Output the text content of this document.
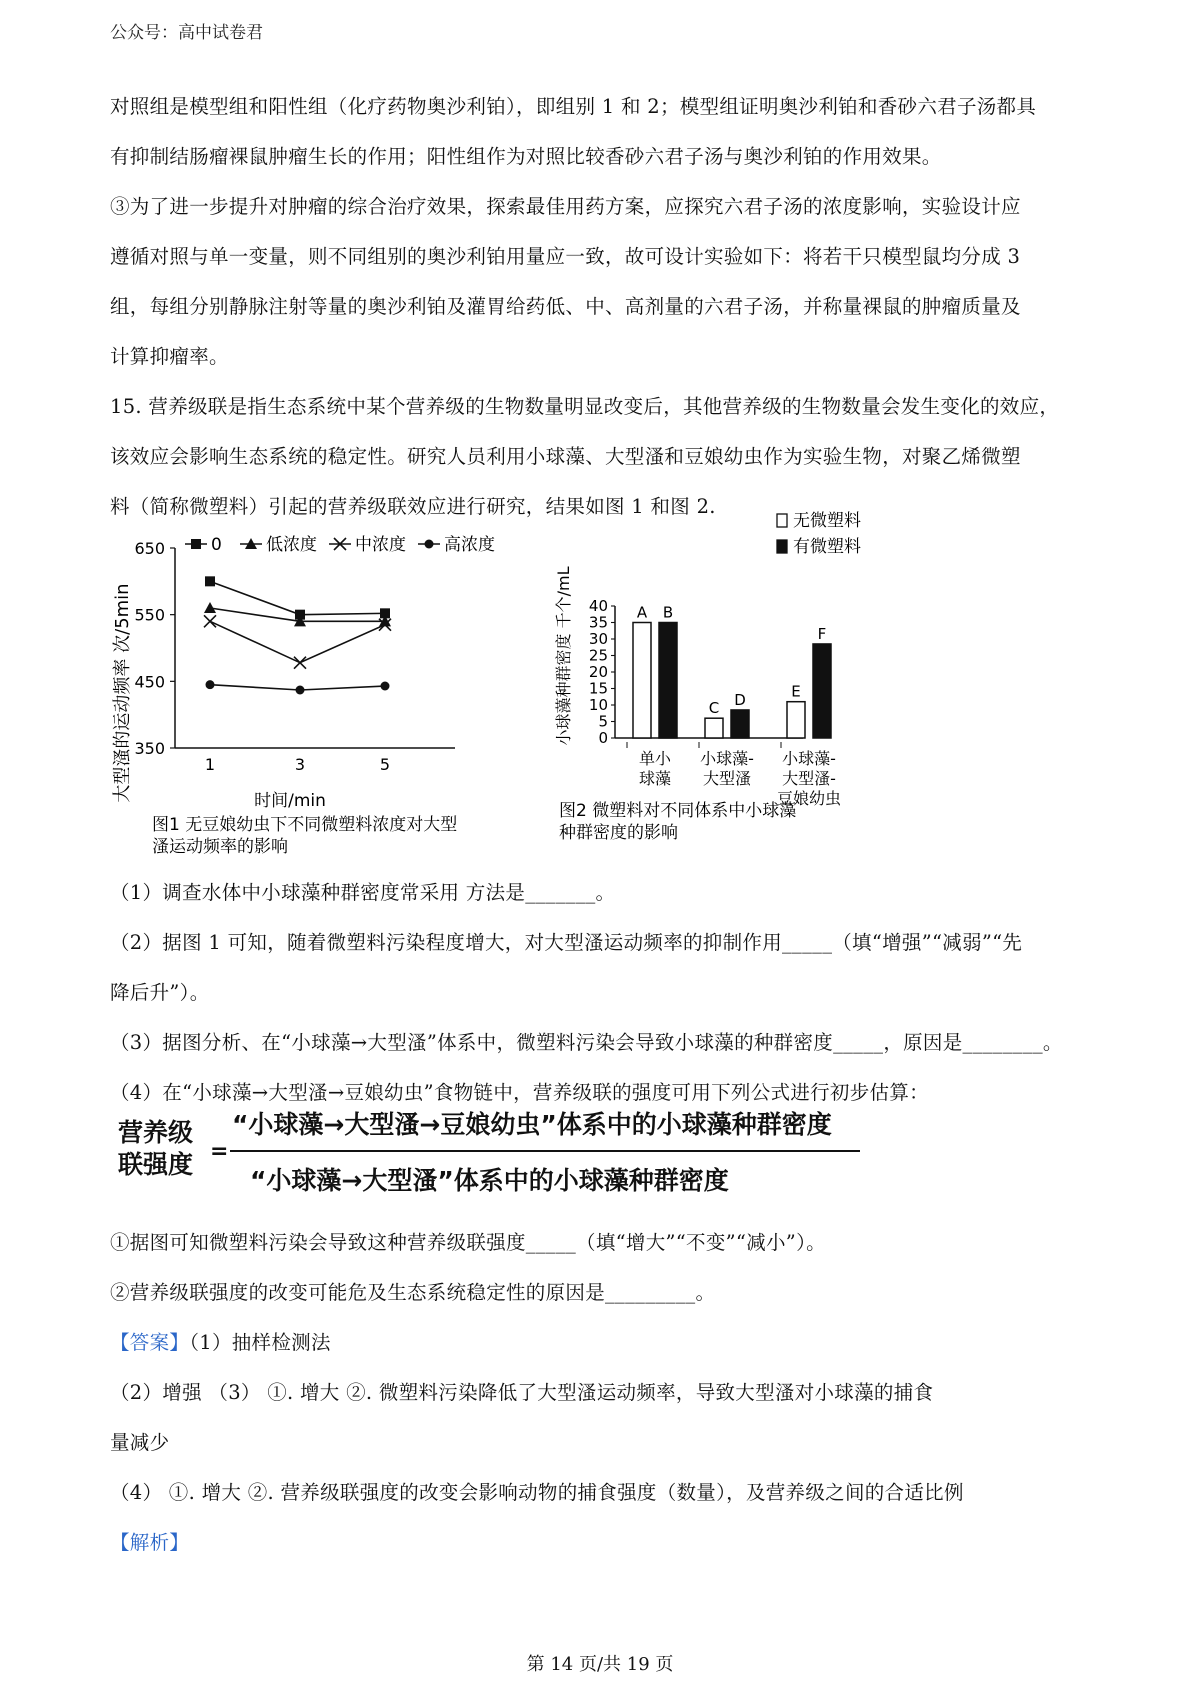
公众号：高中试卷君

对照组是模型组和阳性组（化疗药物奥沙利铂），即组别 1 和 2；模型组证明奥沙利铂和香砂六君子汤都具

有抑制结肠瘤裸鼠肿瘤生长的作用；阳性组作为对照比较香砂六君子汤与奥沙利铂的作用效果。

③为了进一步提升对肿瘤的综合治疗效果，探索最佳用药方案，应探究六君子汤的浓度影响，实验设计应

遵循对照与单一变量，则不同组别的奥沙利铂用量应一致，故可设计实验如下：将若干只模型鼠均分成 3

组，每组分别静脉注射等量的奥沙利铂及灌胃给药低、中、高剂量的六君子汤，并称量裸鼠的肿瘤质量及

计算抑瘤率。

15. 营养级联是指生态系统中某个营养级的生物数量明显改变后，其他营养级的生物数量会发生变化的效应，

该效应会影响生态系统的稳定性。研究人员利用小球藻、大型溞和豆娘幼虫作为实验生物，对聚乙烯微塑

料（简称微塑料）引起的营养级联效应进行研究，结果如图 1 和图 2.

大型溞的运动频率 次/5min
650
550
450
350
1	3	5
0	低浓度 中浓度 高浓度
时间/min
图1 无豆娘幼虫下不同微塑料浓度对大型
溞运动频率的影响
小球藻种群密度 千个/mL 40
35
30
25
20
15
10
5
0
单小
球藻
小球藻-
大型溞
小球藻-
大型溞-
豆娘幼虫
A B
C D	E
F
无微塑料
有微塑料
图2 微塑料对不同体系中小球藻
种群密度的影响

（1）调查水体中小球藻种群密度常采用 方法是_______。

（2）据图 1 可知，随着微塑料污染程度增大，对大型溞运动频率的抑制作用_____（填“增强”“减弱”“先

降后升”）。

（3）据图分析、在“小球藻→大型溞”体系中，微塑料污染会导致小球藻的种群密度_____，原因是________。

（4）在“小球藻→大型溞→豆娘幼虫”食物链中，营养级联的强度可用下列公式进行初步估算：

营养级
联强度 =
“小球藻→大型溞→豆娘幼虫”体系中的小球藻种群密度
“小球藻→大型溞”体系中的小球藻种群密度

①据图可知微塑料污染会导致这种营养级联强度_____（填“增大”“不变”“减小”）。

②营养级联强度的改变可能危及生态系统稳定性的原因是_________。

【答案】（1）抽样检测法

（2）增强 （3） ①. 增大 ②. 微塑料污染降低了大型溞运动频率，导致大型溞对小球藻的捕食

量减少

（4） ①. 增大 ②. 营养级联强度的改变会影响动物的捕食强度（数量），及营养级之间的合适比例

【解析】

第 14 页/共 19 页
